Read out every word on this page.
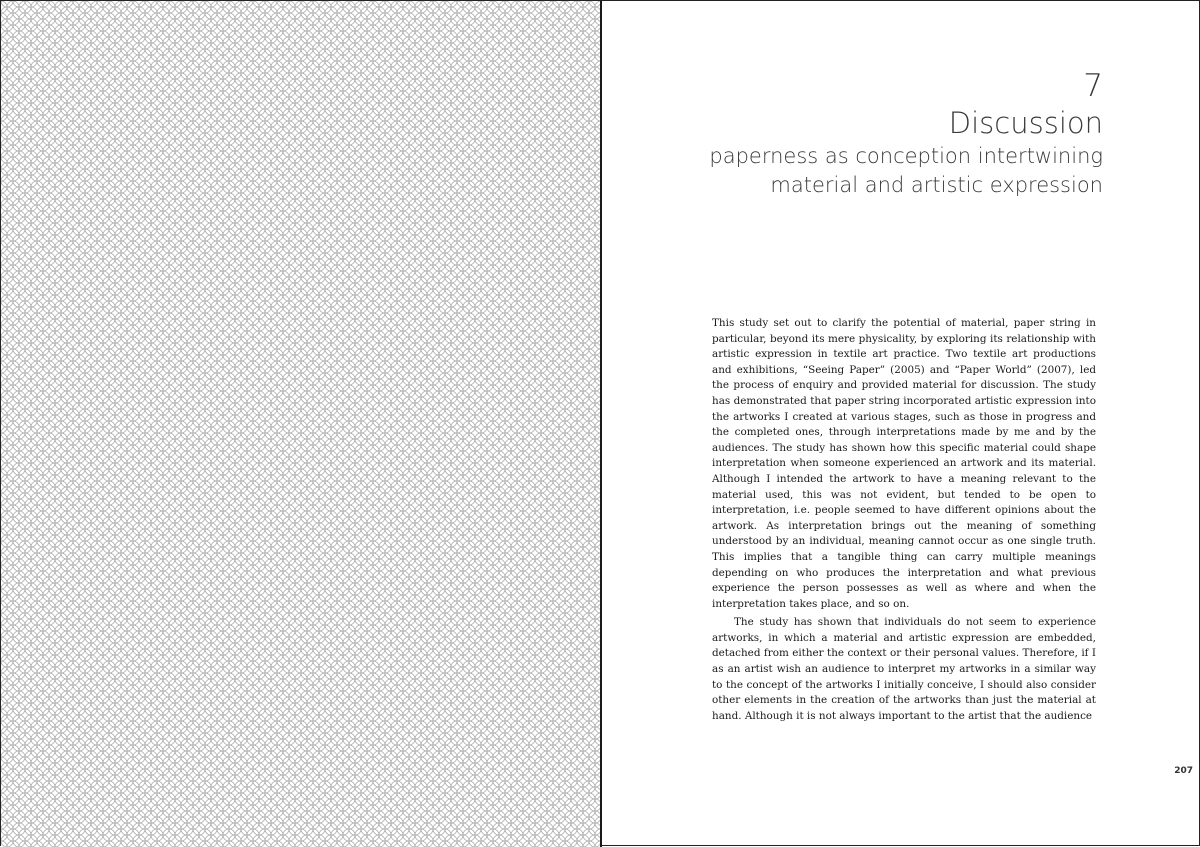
7
Discussion
paperness as conception intertwining
material and artistic expression

This study set out to clarify the potential of material, paper string in particular, beyond its mere physicality, by exploring its relationship with artistic expression in textile art practice. Two textile art productions and exhibitions, “Seeing Paper” (2005) and “Paper World” (2007), led the process of enquiry and provided material for discussion. The study has demonstrated that paper string incorporated artistic expression into the artworks I created at various stages, such as those in progress and the completed ones, through interpretations made by me and by the audiences. The study has shown how this specific material could shape interpretation when someone experienced an artwork and its material. Although I intended the artwork to have a meaning relevant to the material used, this was not evident, but tended to be open to interpretation, i.e. people seemed to have different opinions about the artwork. As interpretation brings out the meaning of something understood by an individual, meaning cannot occur as one single truth. This implies that a tangible thing can carry multiple meanings depending on who produces the interpretation and what previous experience the person possesses as well as where and when the interpretation takes place, and so on.

The study has shown that individuals do not seem to experience artworks, in which a material and artistic expression are embedded, detached from either the context or their personal values. Therefore, if I as an artist wish an audience to interpret my artworks in a similar way to the concept of the artworks I initially conceive, I should also consider other elements in the creation of the artworks than just the material at hand. Although it is not always important to the artist that the audience

207
